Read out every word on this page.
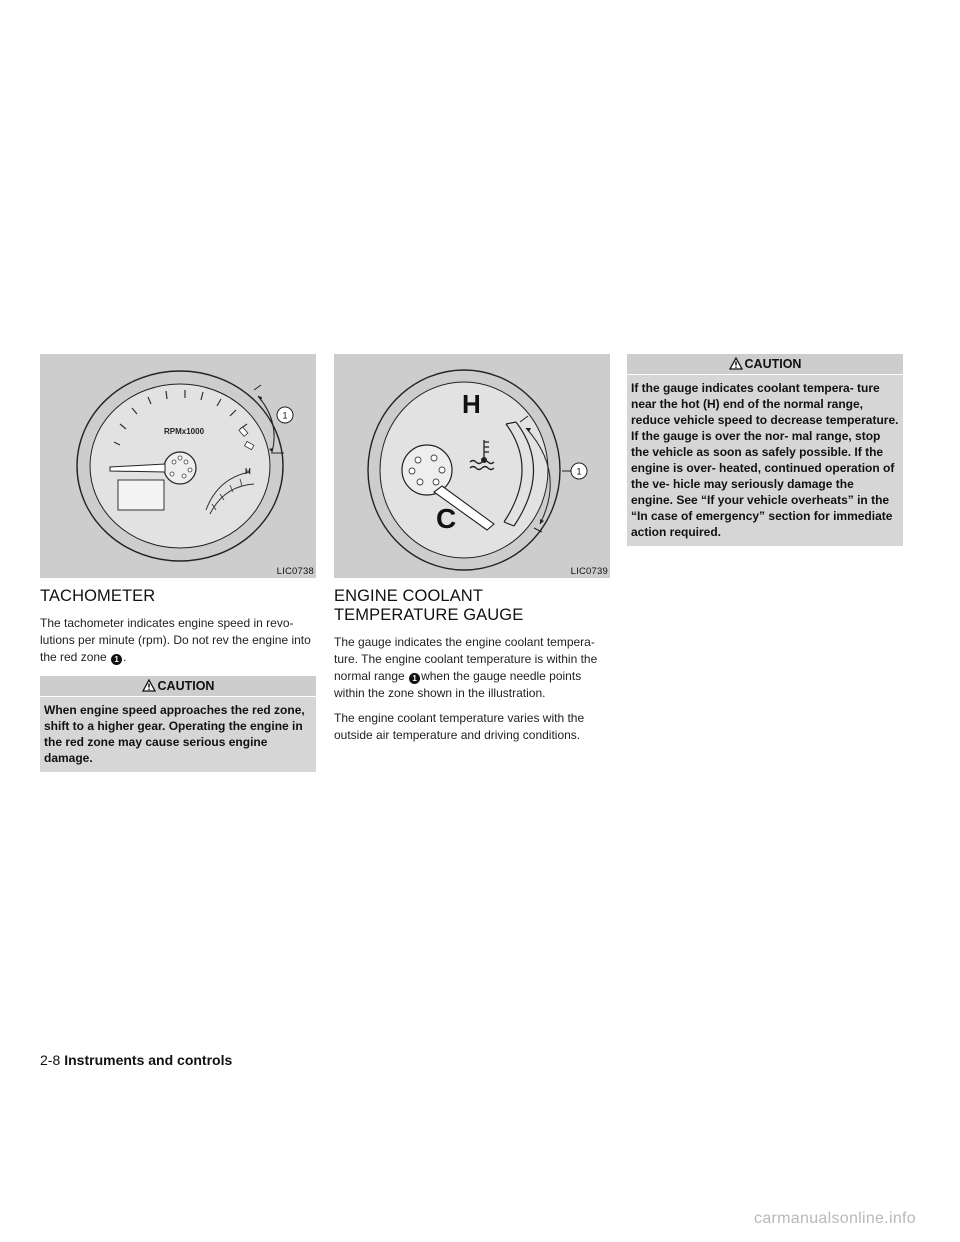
RPMx1000
H
1
LIC0738
TACHOMETER

The tachometer indicates engine speed in revo- lutions per minute (rpm). Do not rev the engine into the red zone 1 .

CAUTION
When engine speed approaches the red zone, shift to a higher gear. Operating the engine in the red zone may cause serious engine damage.
H
C
1
LIC0739
ENGINE COOLANT TEMPERATURE GAUGE

The gauge indicates the engine coolant tempera- ture. The engine coolant temperature is within the normal range 1 when the gauge needle points within the zone shown in the illustration.

The engine coolant temperature varies with the outside air temperature and driving conditions.

CAUTION
If the gauge indicates coolant tempera- ture near the hot (H) end of the normal range, reduce vehicle speed to decrease temperature. If the gauge is over the nor- mal range, stop the vehicle as soon as safely possible. If the engine is over- heated, continued operation of the ve- hicle may seriously damage the engine. See “If your vehicle overheats” in the “In case of emergency” section for immediate action required.
2-8 Instruments and controls
carmanualsonline.info
